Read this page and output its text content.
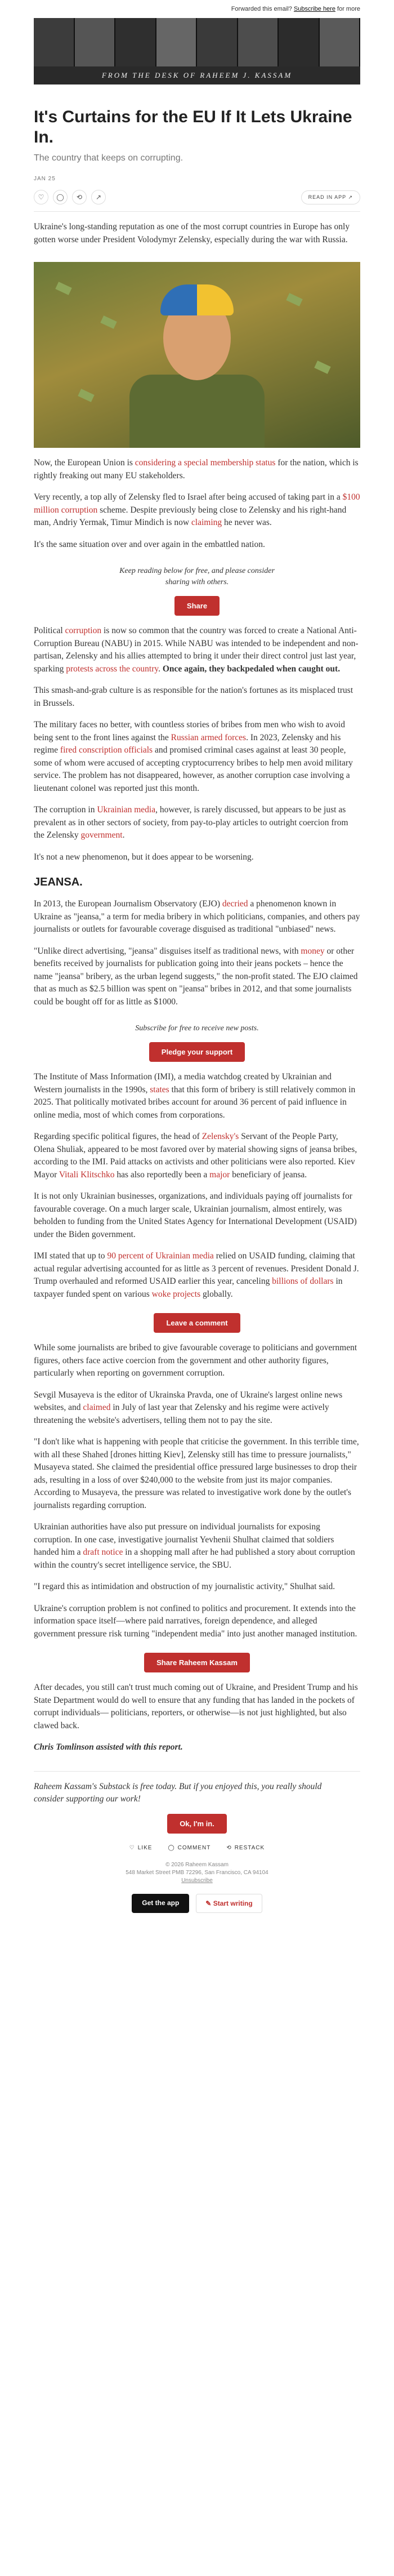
Forwarded this email? Subscribe here for more
FROM THE DESK OF RAHEEM J. KASSAM
It's Curtains for the EU If It Lets Ukraine In.
The country that keeps on corrupting.
JAN 25
♡	◯	⟲	↗	READ IN APP ↗

Ukraine's long-standing reputation as one of the most corrupt countries in Europe has only gotten worse under President Volodymyr Zelensky, especially during the war with Russia.

Now, the European Union is considering a special membership status for the nation, which is rightly freaking out many EU stakeholders.

Very recently, a top ally of Zelensky fled to Israel after being accused of taking part in a $100 million corruption scheme. Despite previously being close to Zelensky and his right-hand man, Andriy Yermak, Timur Mindich is now claiming he never was.

It's the same situation over and over again in the embattled nation.

Keep reading below for free, and please consider
sharing with others.
Share

Political corruption is now so common that the country was forced to create a National Anti-Corruption Bureau (NABU) in 2015. While NABU was intended to be independent and non-partisan, Zelensky and his allies attempted to bring it under their direct control just last year, sparking protests across the country. Once again, they backpedaled when caught out.

This smash-and-grab culture is as responsible for the nation's fortunes as its misplaced trust in Brussels.

The military faces no better, with countless stories of bribes from men who wish to avoid being sent to the front lines against the Russian armed forces. In 2023, Zelensky and his regime fired conscription officials and promised criminal cases against at least 30 people, some of whom were accused of accepting cryptocurrency bribes to help men avoid military service. The problem has not disappeared, however, as another corruption case involving a lieutenant colonel was reported just this month.

The corruption in Ukrainian media, however, is rarely discussed, but appears to be just as prevalent as in other sectors of society, from pay-to-play articles to outright coercion from the Zelensky government.

It's not a new phenomenon, but it does appear to be worsening.

JEANSA.

In 2013, the European Journalism Observatory (EJO) decried a phenomenon known in Ukraine as "jeansa," a term for media bribery in which politicians, companies, and others pay journalists or outlets for favourable coverage disguised as traditional "unbiased" news.

"Unlike direct advertising, "jeansa" disguises itself as traditional news, with money or other benefits received by journalists for publication going into their jeans pockets – hence the name "jeansa" bribery, as the urban legend suggests," the non-profit stated. The EJO claimed that as much as $2.5 billion was spent on "jeansa" bribes in 2012, and that some journalists could be bought off for as little as $1000.

Subscribe for free to receive new posts.
Pledge your support

The Institute of Mass Information (IMI), a media watchdog created by Ukrainian and Western journalists in the 1990s, states that this form of bribery is still relatively common in 2025. That politically motivated bribes account for around 36 percent of paid influence in online media, most of which comes from corporations.

Regarding specific political figures, the head of Zelensky's Servant of the People Party, Olena Shuliak, appeared to be most favored over by material showing signs of jeansa bribes, according to the IMI. Paid attacks on activists and other politicians were also reported. Kiev Mayor Vitali Klitschko has also reportedly been a major beneficiary of jeansa.

It is not only Ukrainian businesses, organizations, and individuals paying off journalists for favourable coverage. On a much larger scale, Ukrainian journalism, almost entirely, was beholden to funding from the United States Agency for International Development (USAID) under the Biden government.

IMI stated that up to 90 percent of Ukrainian media relied on USAID funding, claiming that actual regular advertising accounted for as little as 3 percent of revenues. President Donald J. Trump overhauled and reformed USAID earlier this year, canceling billions of dollars in taxpayer funded spent on various woke projects globally.

Leave a comment

While some journalists are bribed to give favourable coverage to politicians and government figures, others face active coercion from the government and other authority figures, particularly when reporting on government corruption.

Sevgil Musayeva is the editor of Ukrainska Pravda, one of Ukraine's largest online news websites, and claimed in July of last year that Zelensky and his regime were actively threatening the website's advertisers, telling them not to pay the site.

"I don't like what is happening with people that criticise the government. In this terrible time, with all these Shahed [drones hitting Kiev], Zelensky still has time to pressure journalists," Musayeva stated. She claimed the presidential office pressured large businesses to drop their ads, resulting in a loss of over $240,000 to the website from just its major companies. According to Musayeva, the pressure was related to investigative work done by the outlet's journalists regarding corruption.

Ukrainian authorities have also put pressure on individual journalists for exposing corruption. In one case, investigative journalist Yevhenii Shulhat claimed that soldiers handed him a draft notice in a shopping mall after he had published a story about corruption within the country's secret intelligence service, the SBU.

"I regard this as intimidation and obstruction of my journalistic activity," Shulhat said.

Ukraine's corruption problem is not confined to politics and procurement. It extends into the information space itself—where paid narratives, foreign dependence, and alleged government pressure risk turning "independent media" into just another managed institution.

Share Raheem Kassam

After decades, you still can't trust much coming out of Ukraine, and President Trump and his State Department would do well to ensure that any funding that has landed in the pockets of corrupt individuals— politicians, reporters, or otherwise—is not just highlighted, but also clawed back.

Chris Tomlinson assisted with this report.

Raheem Kassam's Substack is free today. But if you enjoyed this, you really should
consider supporting our work!

Ok, I'm in.
♡ LIKE	◯ COMMENT	⟲ RESTACK
© 2026 Raheem Kassam
548 Market Street PMB 72296, San Francisco, CA 94104
Unsubscribe
Get the app	✎ Start writing
